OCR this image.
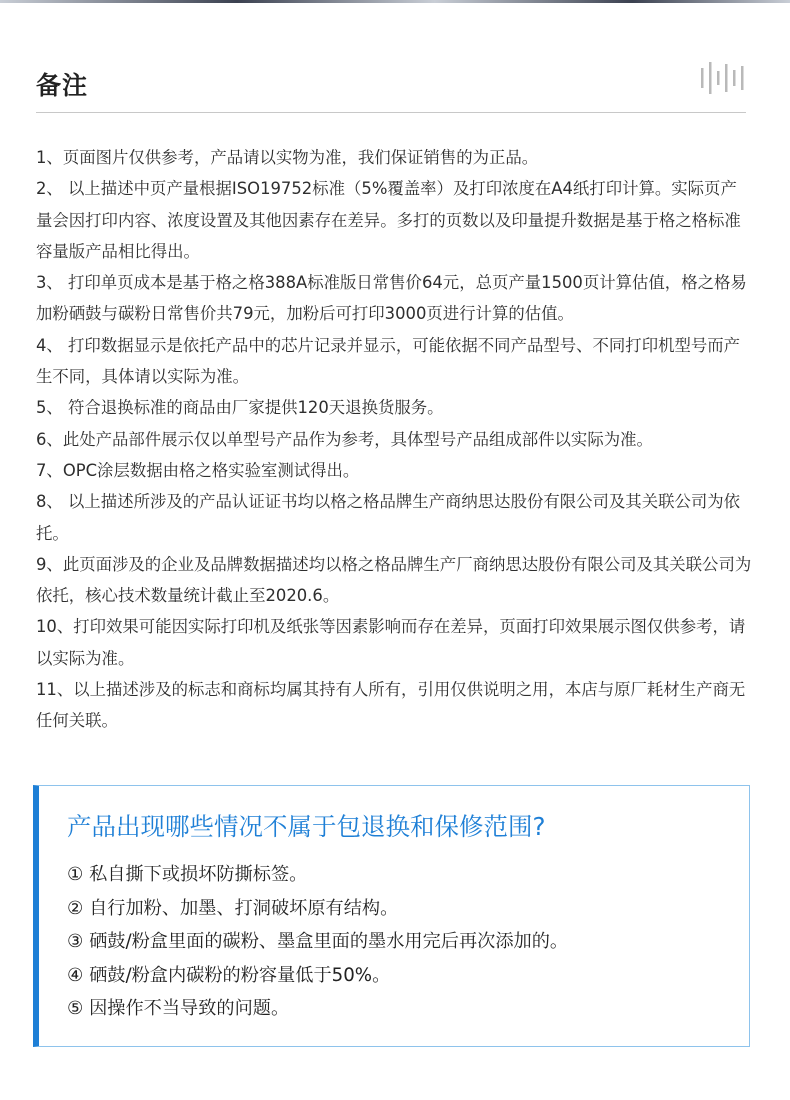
备注

1、页面图片仅供参考，产品请以实物为准，我们保证销售的为正品。

2、 以上描述中页产量根据ISO19752标准（5%覆盖率）及打印浓度在A4纸打印计算。实际页产量会因打印内容、浓度设置及其他因素存在差异。多打的页数以及印量提升数据是基于格之格标准容量版产品相比得出。

3、 打印单页成本是基于格之格388A标准版日常售价64元，总页产量1500页计算估值，格之格易加粉硒鼓与碳粉日常售价共79元，加粉后可打印3000页进行计算的估值。

4、 打印数据显示是依托产品中的芯片记录并显示，可能依据不同产品型号、不同打印机型号而产生不同，具体请以实际为准。

5、 符合退换标准的商品由厂家提供120天退换货服务。

6、此处产品部件展示仅以单型号产品作为参考，具体型号产品组成部件以实际为准。

7、OPC涂层数据由格之格实验室测试得出。

8、 以上描述所涉及的产品认证证书均以格之格品牌生产商纳思达股份有限公司及其关联公司为依托。

9、此页面涉及的企业及品牌数据描述均以格之格品牌生产厂商纳思达股份有限公司及其关联公司为依托，核心技术数量统计截止至2020.6。

10、打印效果可能因实际打印机及纸张等因素影响而存在差异，页面打印效果展示图仅供参考，请以实际为准。

11、以上描述涉及的标志和商标均属其持有人所有，引用仅供说明之用，本店与原厂耗材生产商无任何关联。

产品出现哪些情况不属于包退换和保修范围?

① 私自撕下或损坏防撕标签。

② 自行加粉、加墨、打洞破坏原有结构。

③ 硒鼓/粉盒里面的碳粉、墨盒里面的墨水用完后再次添加的。

④ 硒鼓/粉盒内碳粉的粉容量低于50%。

⑤ 因操作不当导致的问题。
